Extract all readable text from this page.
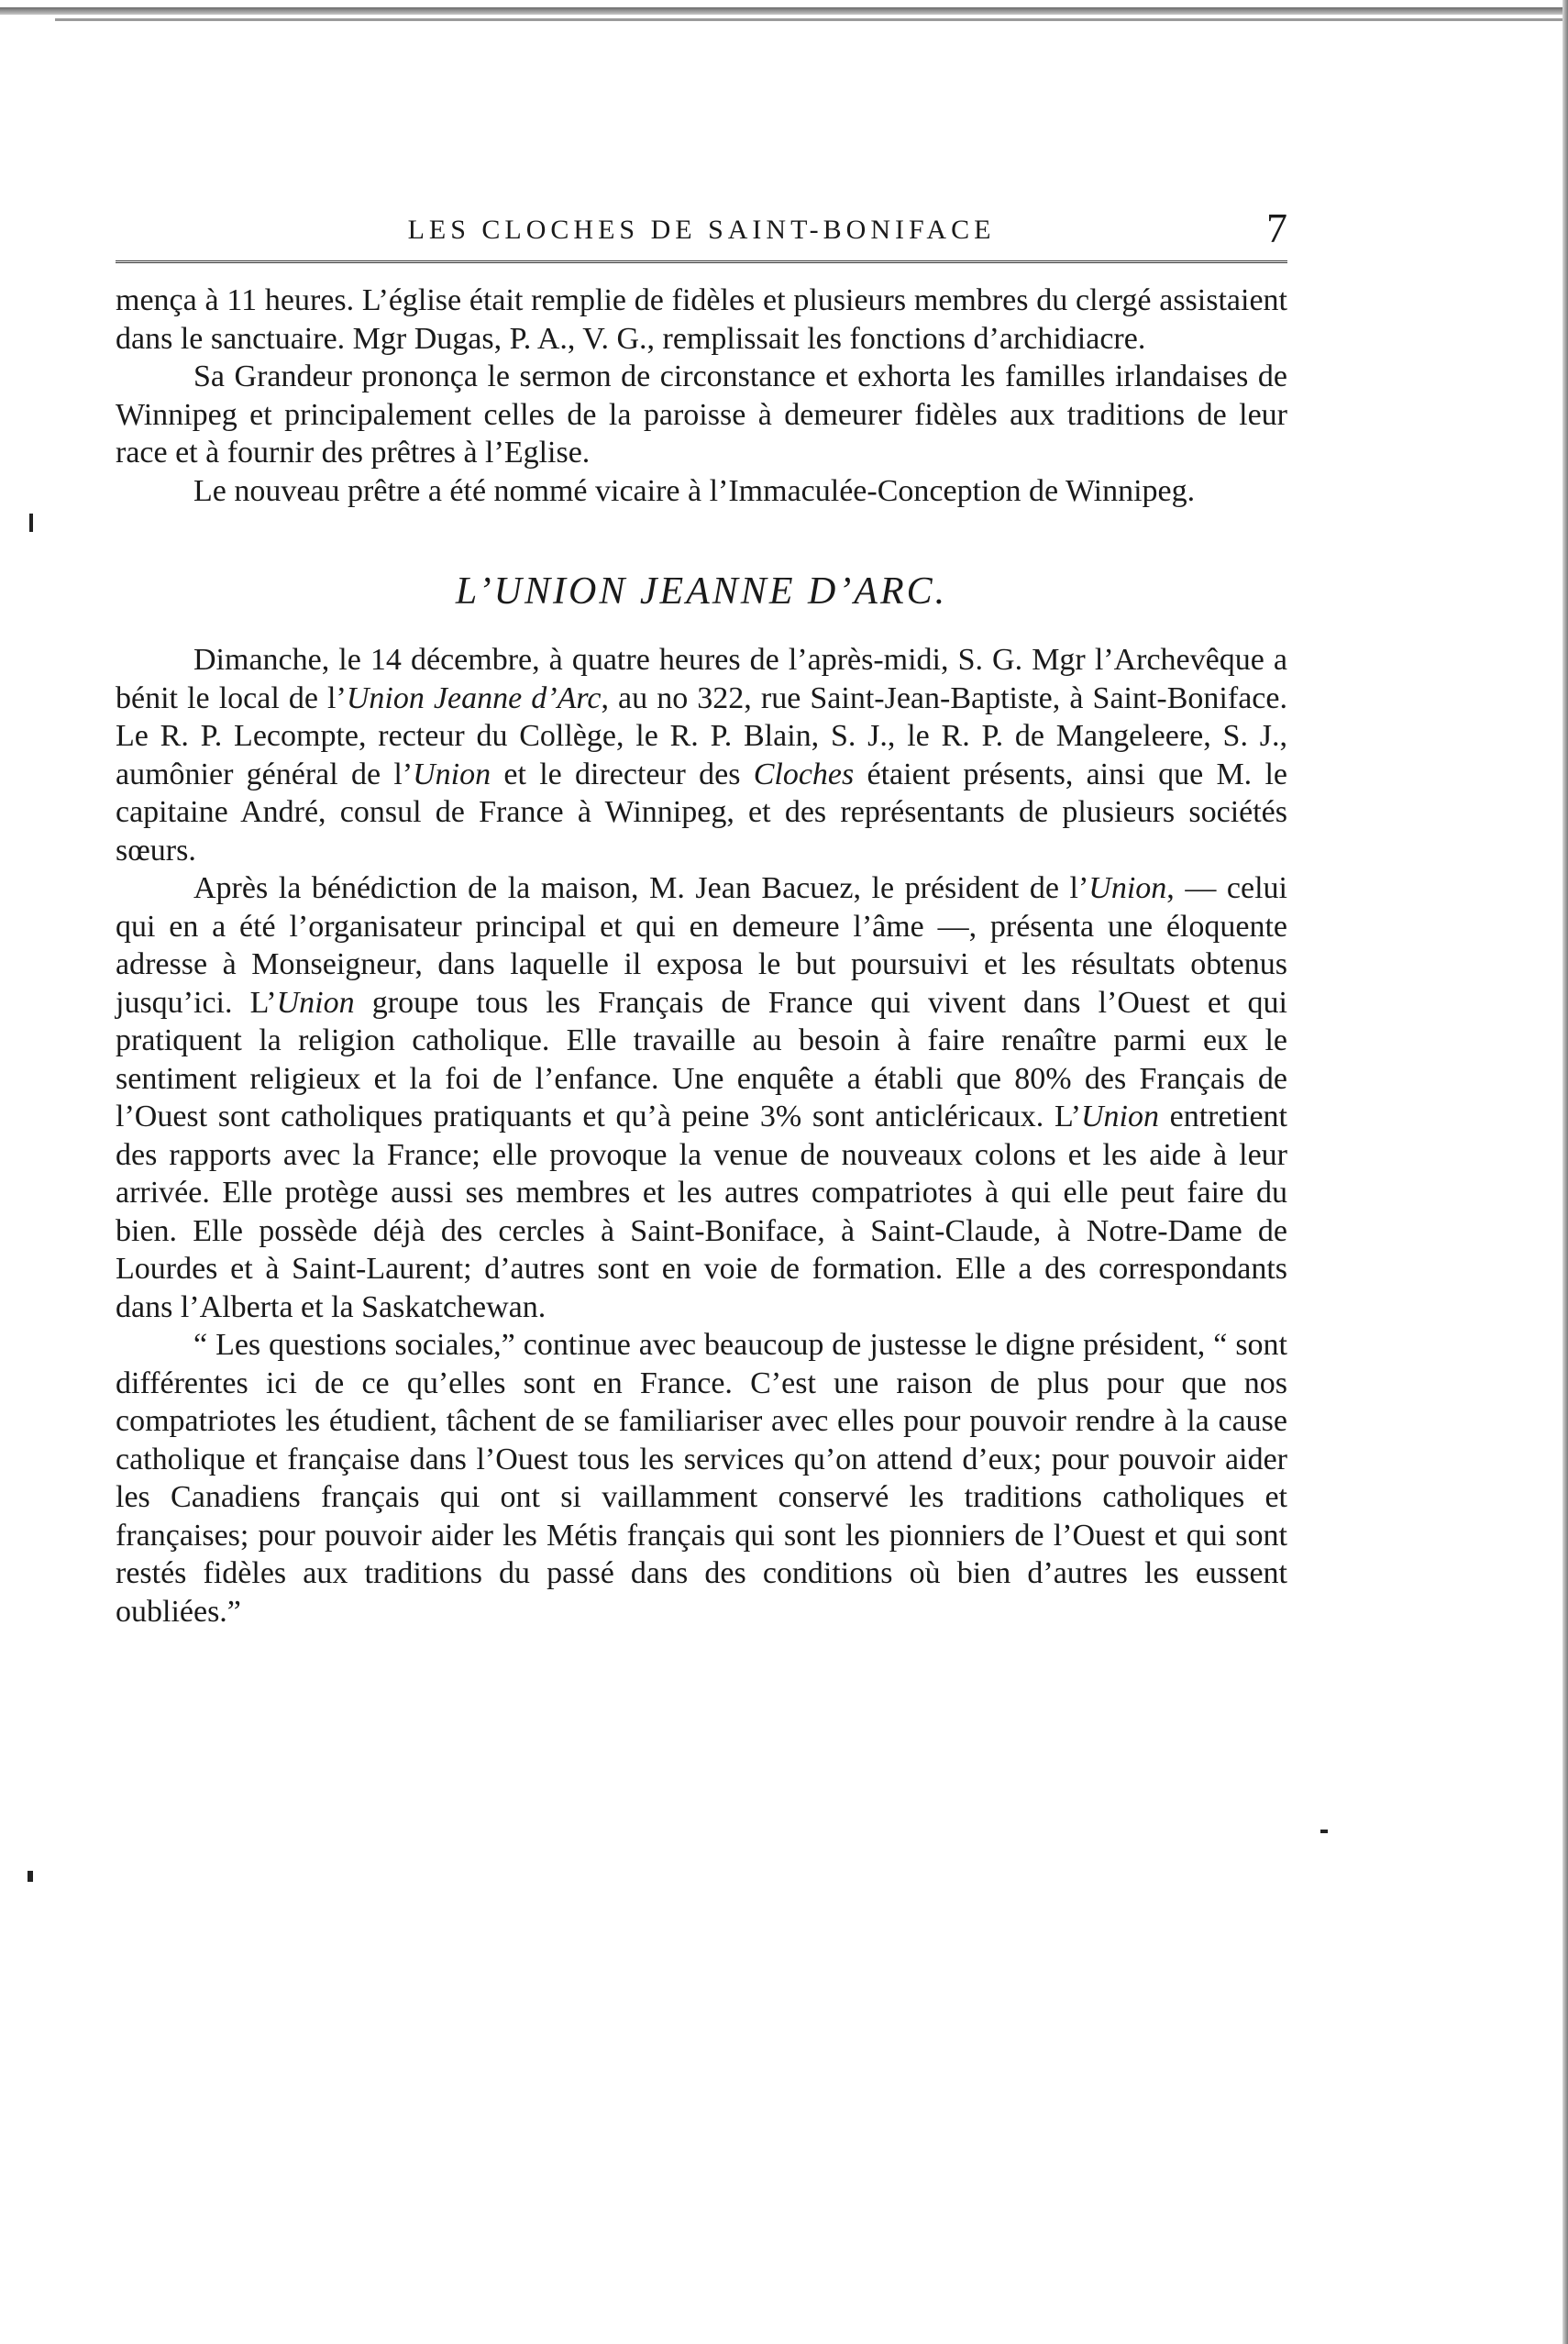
LES CLOCHES DE SAINT-BONIFACE	7

mença à 11 heures. L’église était remplie de fidèles et plusieurs membres du clergé assistaient dans le sanctuaire. Mgr Dugas, P. A., V. G., remplissait les fonctions d’archidiacre.

Sa Grandeur prononça le sermon de circonstance et exhorta les familles irlandaises de Winnipeg et principalement celles de la paroisse à demeurer fidèles aux traditions de leur race et à fournir des prêtres à l’Eglise.

Le nouveau prêtre a été nommé vicaire à l’Immaculée-Conception de Winnipeg.

L’UNION JEANNE D’ARC.

Dimanche, le 14 décembre, à quatre heures de l’après-midi, S. G. Mgr l’Archevêque a bénit le local de l’Union Jeanne d’Arc, au no 322, rue Saint-Jean-Baptiste, à Saint-Boniface. Le R. P. Lecompte, recteur du Collège, le R. P. Blain, S. J., le R. P. de Mangeleere, S. J., aumônier général de l’Union et le directeur des Cloches étaient présents, ainsi que M. le capitaine André, consul de France à Winnipeg, et des représentants de plusieurs sociétés sœurs.

Après la bénédiction de la maison, M. Jean Bacuez, le président de l’Union, — celui qui en a été l’organisateur principal et qui en demeure l’âme —, présenta une éloquente adresse à Monseigneur, dans laquelle il exposa le but poursuivi et les résultats obtenus jusqu’ici. L’Union groupe tous les Français de France qui vivent dans l’Ouest et qui pratiquent la religion catholique. Elle travaille au besoin à faire renaître parmi eux le sentiment religieux et la foi de l’enfance. Une enquête a établi que 80% des Français de l’Ouest sont catholiques pratiquants et qu’à peine 3% sont anticléricaux. L’Union entretient des rapports avec la France; elle provoque la venue de nouveaux colons et les aide à leur arrivée. Elle protège aussi ses membres et les autres compatriotes à qui elle peut faire du bien. Elle possède déjà des cercles à Saint-Boniface, à Saint-Claude, à Notre-Dame de Lourdes et à Saint-Laurent; d’autres sont en voie de formation. Elle a des correspondants dans l’Alberta et la Saskatchewan.

“ Les questions sociales,” continue avec beaucoup de justesse le digne président, “ sont différentes ici de ce qu’elles sont en France. C’est une raison de plus pour que nos compatriotes les étudient, tâchent de se familiariser avec elles pour pouvoir rendre à la cause catholique et française dans l’Ouest tous les services qu’on attend d’eux; pour pouvoir aider les Canadiens français qui ont si vaillamment conservé les traditions catholiques et françaises; pour pouvoir aider les Métis français qui sont les pionniers de l’Ouest et qui sont restés fidèles aux traditions du passé dans des conditions où bien d’autres les eussent oubliées.”
